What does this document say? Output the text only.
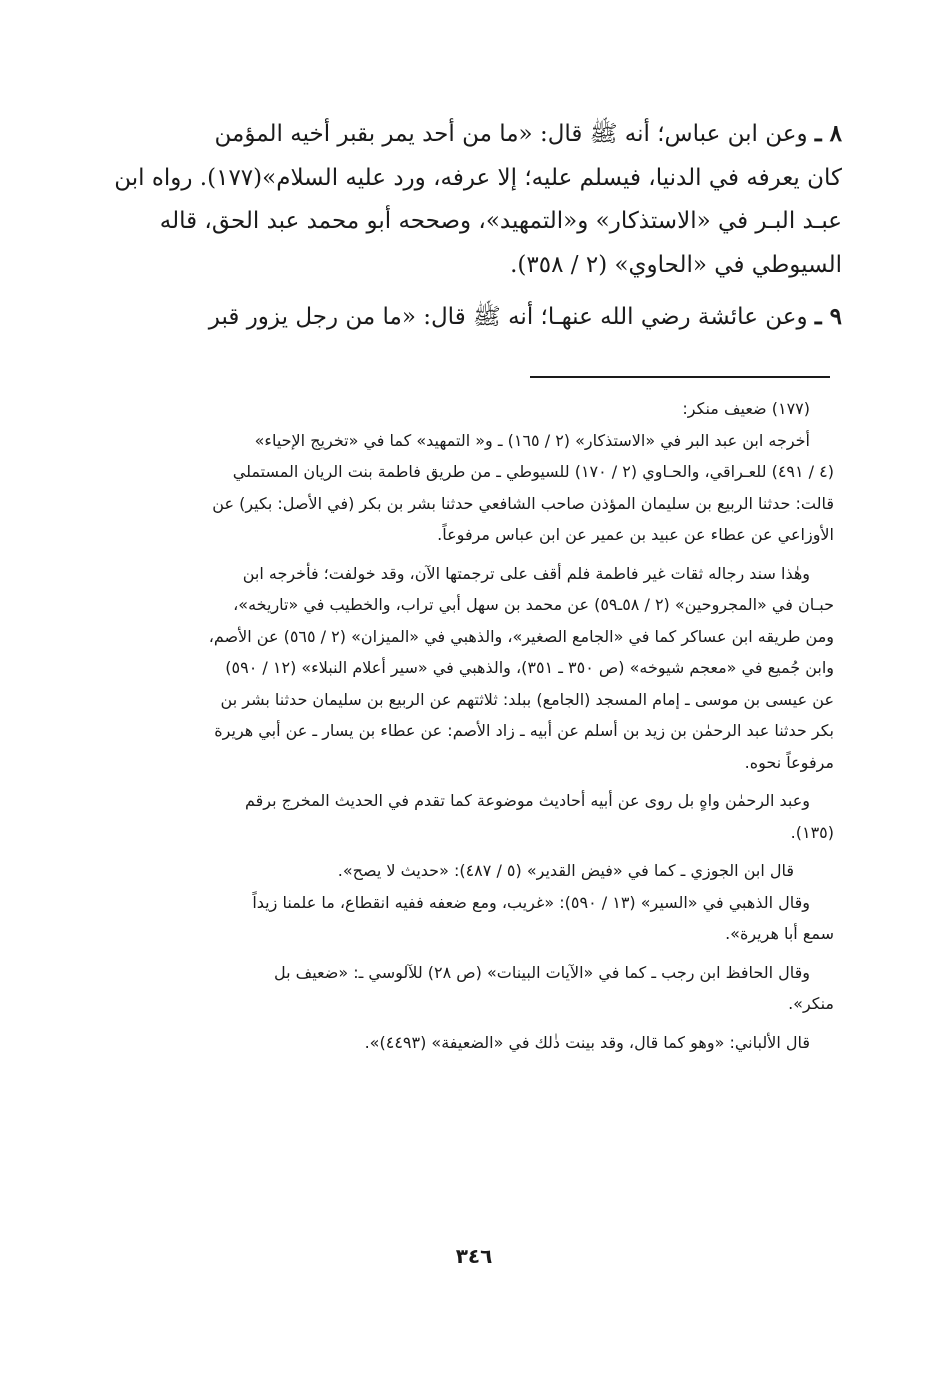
٨ ـ وعن ابن عباس؛ أنه ﷺ قال: «ما من أحد يمر بقبر أخيه المؤمن

كان يعرفه في الدنيا، فيسلم عليه؛ إلا عرفه، ورد عليه السلام»(١٧٧). رواه ابن

عبـد البـر في «الاستذكار» و«التمهيد»، وصححه أبو محمد عبد الحق، قاله

السيوطي في «الحاوي» (٢ / ٣٥٨).

٩ ـ وعن عائشة رضي الله عنهـا؛ أنه ﷺ قال: «ما من رجل يزور قبر

(١٧٧) ضعيف منكر:

أخرجه ابن عبد البر في «الاستذكار» (٢ / ١٦٥) ـ و« التمهيد» كما في «تخريج الإحياء»

(٤ / ٤٩١) للعـراقي، والحـاوي (٢ / ١٧٠) للسيوطي ـ من طريق فاطمة بنت الريان المستملي

قالت: حدثنا الربيع بن سليمان المؤذن صاحب الشافعي حدثنا بشر بن بكر (في الأصل: بكير) عن

الأوزاعي عن عطاء عن عبيد بن عمير عن ابن عباس مرفوعاً.

وهٰذا سند رجاله ثقات غير فاطمة فلم أقف على ترجمتها الآن، وقد خولفت؛ فأخرجه ابن

حبـان في «المجروحين» (٢ / ٥٨ـ٥٩) عن محمد بن سهل أبي تراب، والخطيب في «تاريخه»،

ومن طريقه ابن عساكر كما في «الجامع الصغير»، والذهبي في «الميزان» (٢ / ٥٦٥) عن الأصم،

وابن جُميع في «معجم شيوخه» (ص ٣٥٠ ـ ٣٥١)، والذهبي في «سير أعلام النبلاء» (١٢ / ٥٩٠)

عن عيسى بن موسى ـ إمام المسجد (الجامع) ببلد: ثلاثتهم عن الربيع بن سليمان حدثنا بشر بن

بكر حدثنا عبد الرحمٰن بن زيد بن أسلم عن أبيه ـ زاد الأصم: عن عطاء بن يسار ـ عن أبي هريرة

مرفوعاً نحوه.

وعبد الرحمٰن واهٍ بل روى عن أبيه أحاديث موضوعة كما تقدم في الحديث المخرج برقم

(١٣٥).

قال ابن الجوزي ـ كما في «فيض القدير» (٥ / ٤٨٧): «حديث لا يصح».

وقال الذهبي في «السير» (١٣ / ٥٩٠): «غريب، ومع ضعفه ففيه انقطاع، ما علمنا زيداً

سمع أبا هريرة».

وقال الحافظ ابن رجب ـ كما في «الآيات البينات» (ص ٢٨) للآلوسي ـ: «ضعيف بل

منكر».

قال الألباني: «وهو كما قال، وقد بينت ذٰلك في «الضعيفة» (٤٤٩٣)».

٣٤٦
